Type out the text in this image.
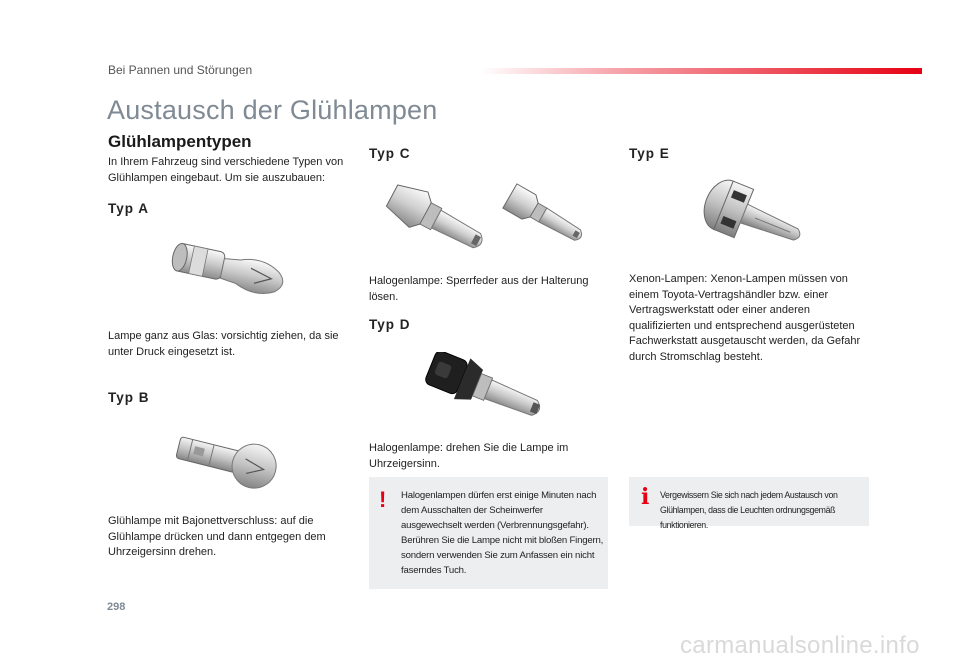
Bei Pannen und Störungen
Austausch der Glühlampen
Glühlampentypen
In Ihrem Fahrzeug sind verschiedene Typen von Glühlampen eingebaut. Um sie auszubauen:
Typ A
Lampe ganz aus Glas: vorsichtig ziehen, da sie unter Druck eingesetzt ist.
Typ B
Glühlampe mit Bajonettverschluss: auf die Glühlampe drücken und dann entgegen dem Uhrzeigersinn drehen.
Typ C
Halogenlampe: Sperrfeder aus der Halterung lösen.
Typ D
Halogenlampe: drehen Sie die Lampe im Uhrzeigersinn.
! Halogenlampen dürfen erst einige Minuten nach dem Ausschalten der Scheinwerfer ausgewechselt werden (Verbrennungsgefahr). Berühren Sie die Lampe nicht mit bloßen Fingern, sondern verwenden Sie zum Anfassen ein nicht faserndes Tuch.
Typ E
Xenon-Lampen: Xenon-Lampen müssen von einem Toyota-Vertragshändler bzw. einer Vertragswerkstatt oder einer anderen qualifizierten und entsprechend ausgerüsteten Fachwerkstatt ausgetauscht werden, da Gefahr durch Stromschlag besteht.
i Vergewissern Sie sich nach jedem Austausch von Glühlampen, dass die Leuchten ordnungsgemäß funktionieren.
298
carmanualsonline.info
